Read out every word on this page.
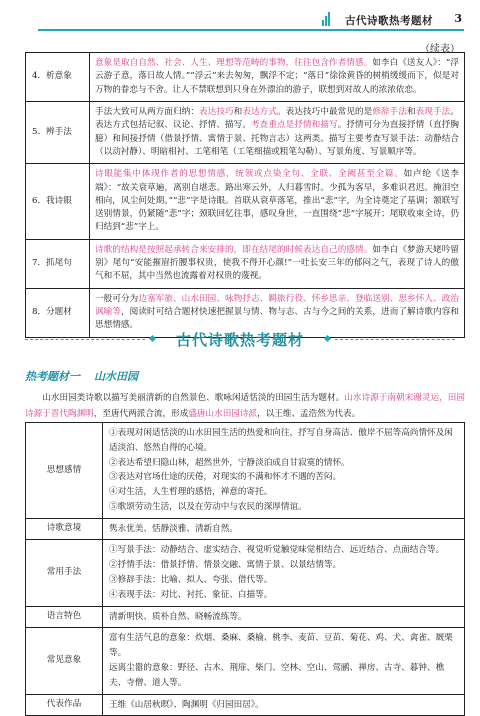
古代诗歌热考题材	3
（续表）
4．析意象	意象是取自自然、社会、人生、理想等范畴的事物，往往包含作者情感。如李白《送友人》：“浮云游子意，落日故人情。”“浮云”来去匆匆，飘浮不定；“落日”徐徐黄昏的树梢缓缓而下，似是对万物的眷恋与不舍。让人不禁联想到只身在外漂泊的游子，联想到对故人的浓浓依恋。
5．辨手法	手法大致可从两方面归纳：表达技巧和表达方式。表达技巧中最常见的是修辞手法和表现手法。表达方式包括记叙、议论、抒情、描写。考查重点是抒情和描写。抒情可分为直接抒情（直抒胸臆）和间接抒情（借景抒情、寓情于景、托物言志）这两类。描写主要考查写景手法：动静结合（以动衬静）、明暗相衬、工笔相笔（工笔细描或粗笔勾勒）、写景角度、写景顺序等。
6．我诗眼	诗眼能集中体现作者的思想情感，统领或点染全句、全联、全阙甚至全篇。如卢纶《送李端》：“故关衰草遍，离别自堪悲。路出寒云外，人归暮雪时。少孤为客早，多难识君迟。掩泪空相向，风尘何处期。”“悲”字是诗眼。首联从衰草落笔，推出“悲”字，为全诗奠定了基调；颔联写送别情景，仍紧随“悲”字；颈联回忆往事，感叹身世，一直围绕“悲”字展开；尾联收束全诗，仍归结到“悲”字上。
7．抓尾句	诗歌的结构是按照起承转合来安排的，即在结尾的时候表达自己的感情。如李白《梦游天姥吟留别》尾句“安能摧眉折腰事权贵，使我不得开心颜!”一吐长安三年的郁闷之气，表现了诗人的傲气和不屈，其中当然也流露着对权贵的蔑视。
8．分题材	一般可分为边塞军旅、山水田园、咏物抒志、羁旅行役、怀乡思亲、登临送别、思乡怀人、政治讽喻等，阅读时可结合题材快速把握景与情、物与志、古与今之间的关系，进而了解诗歌内容和思想情感。
古代诗歌热考题材
热考题材一 山水田园
山水田园类诗歌以描写美丽清新的自然景色、歌咏闲适恬淡的田园生活为题材。山水诗源于南朝宋谢灵运，田园诗源于晋代陶渊明，至唐代两派合流，形成盛唐山水田园诗派，以王维、孟浩然为代表。
思想感情	①表现对闲适恬淡的山水田园生活的热爱和向往，抒写自身高洁、傲岸不屈等高尚情怀及闲适淡泊、悠然自得的心境。
②表达希望归隐山林，超然世外，宁静淡泊成自甘寂寞的情怀。
③表达对官场仕途的厌倦，对现实的不满和怀才不遇的苦闷。
④对生活，人生哲理的感悟，禅意的寄托。
⑤歌颂劳动生活，以及在劳动中与农民的深厚情谊。

诗歌意境	隽永优美、恬静淡雅、清新自然。

常用手法	①写景手法：动静结合、虚实结合、视觉听觉触觉味觉相结合、远近结合、点面结合等。
②抒情手法：借景抒情、情景交融、寓情于景、以景结情等。
③修辞手法：比喻、拟人、夸张、借代等。
④表现手法：对比、衬托、象征、白描等。

语言特色	清新明快、质朴自然、晓畅流练等。

常见意象	富有生活气息的意象：炊烟、桑麻、桑榆、桃李、麦苗、豆苗、菊花、鸡、犬、禽雀、厩栗等。
远离尘嚣的意象：野径、古木、荆扉、柴门、空林、空山、莺鹂、禅房、古寺、暮钟、樵夫、寺僧、道人等。

代表作品	王维《山居秋暝》、陶渊明《归园田居》。
